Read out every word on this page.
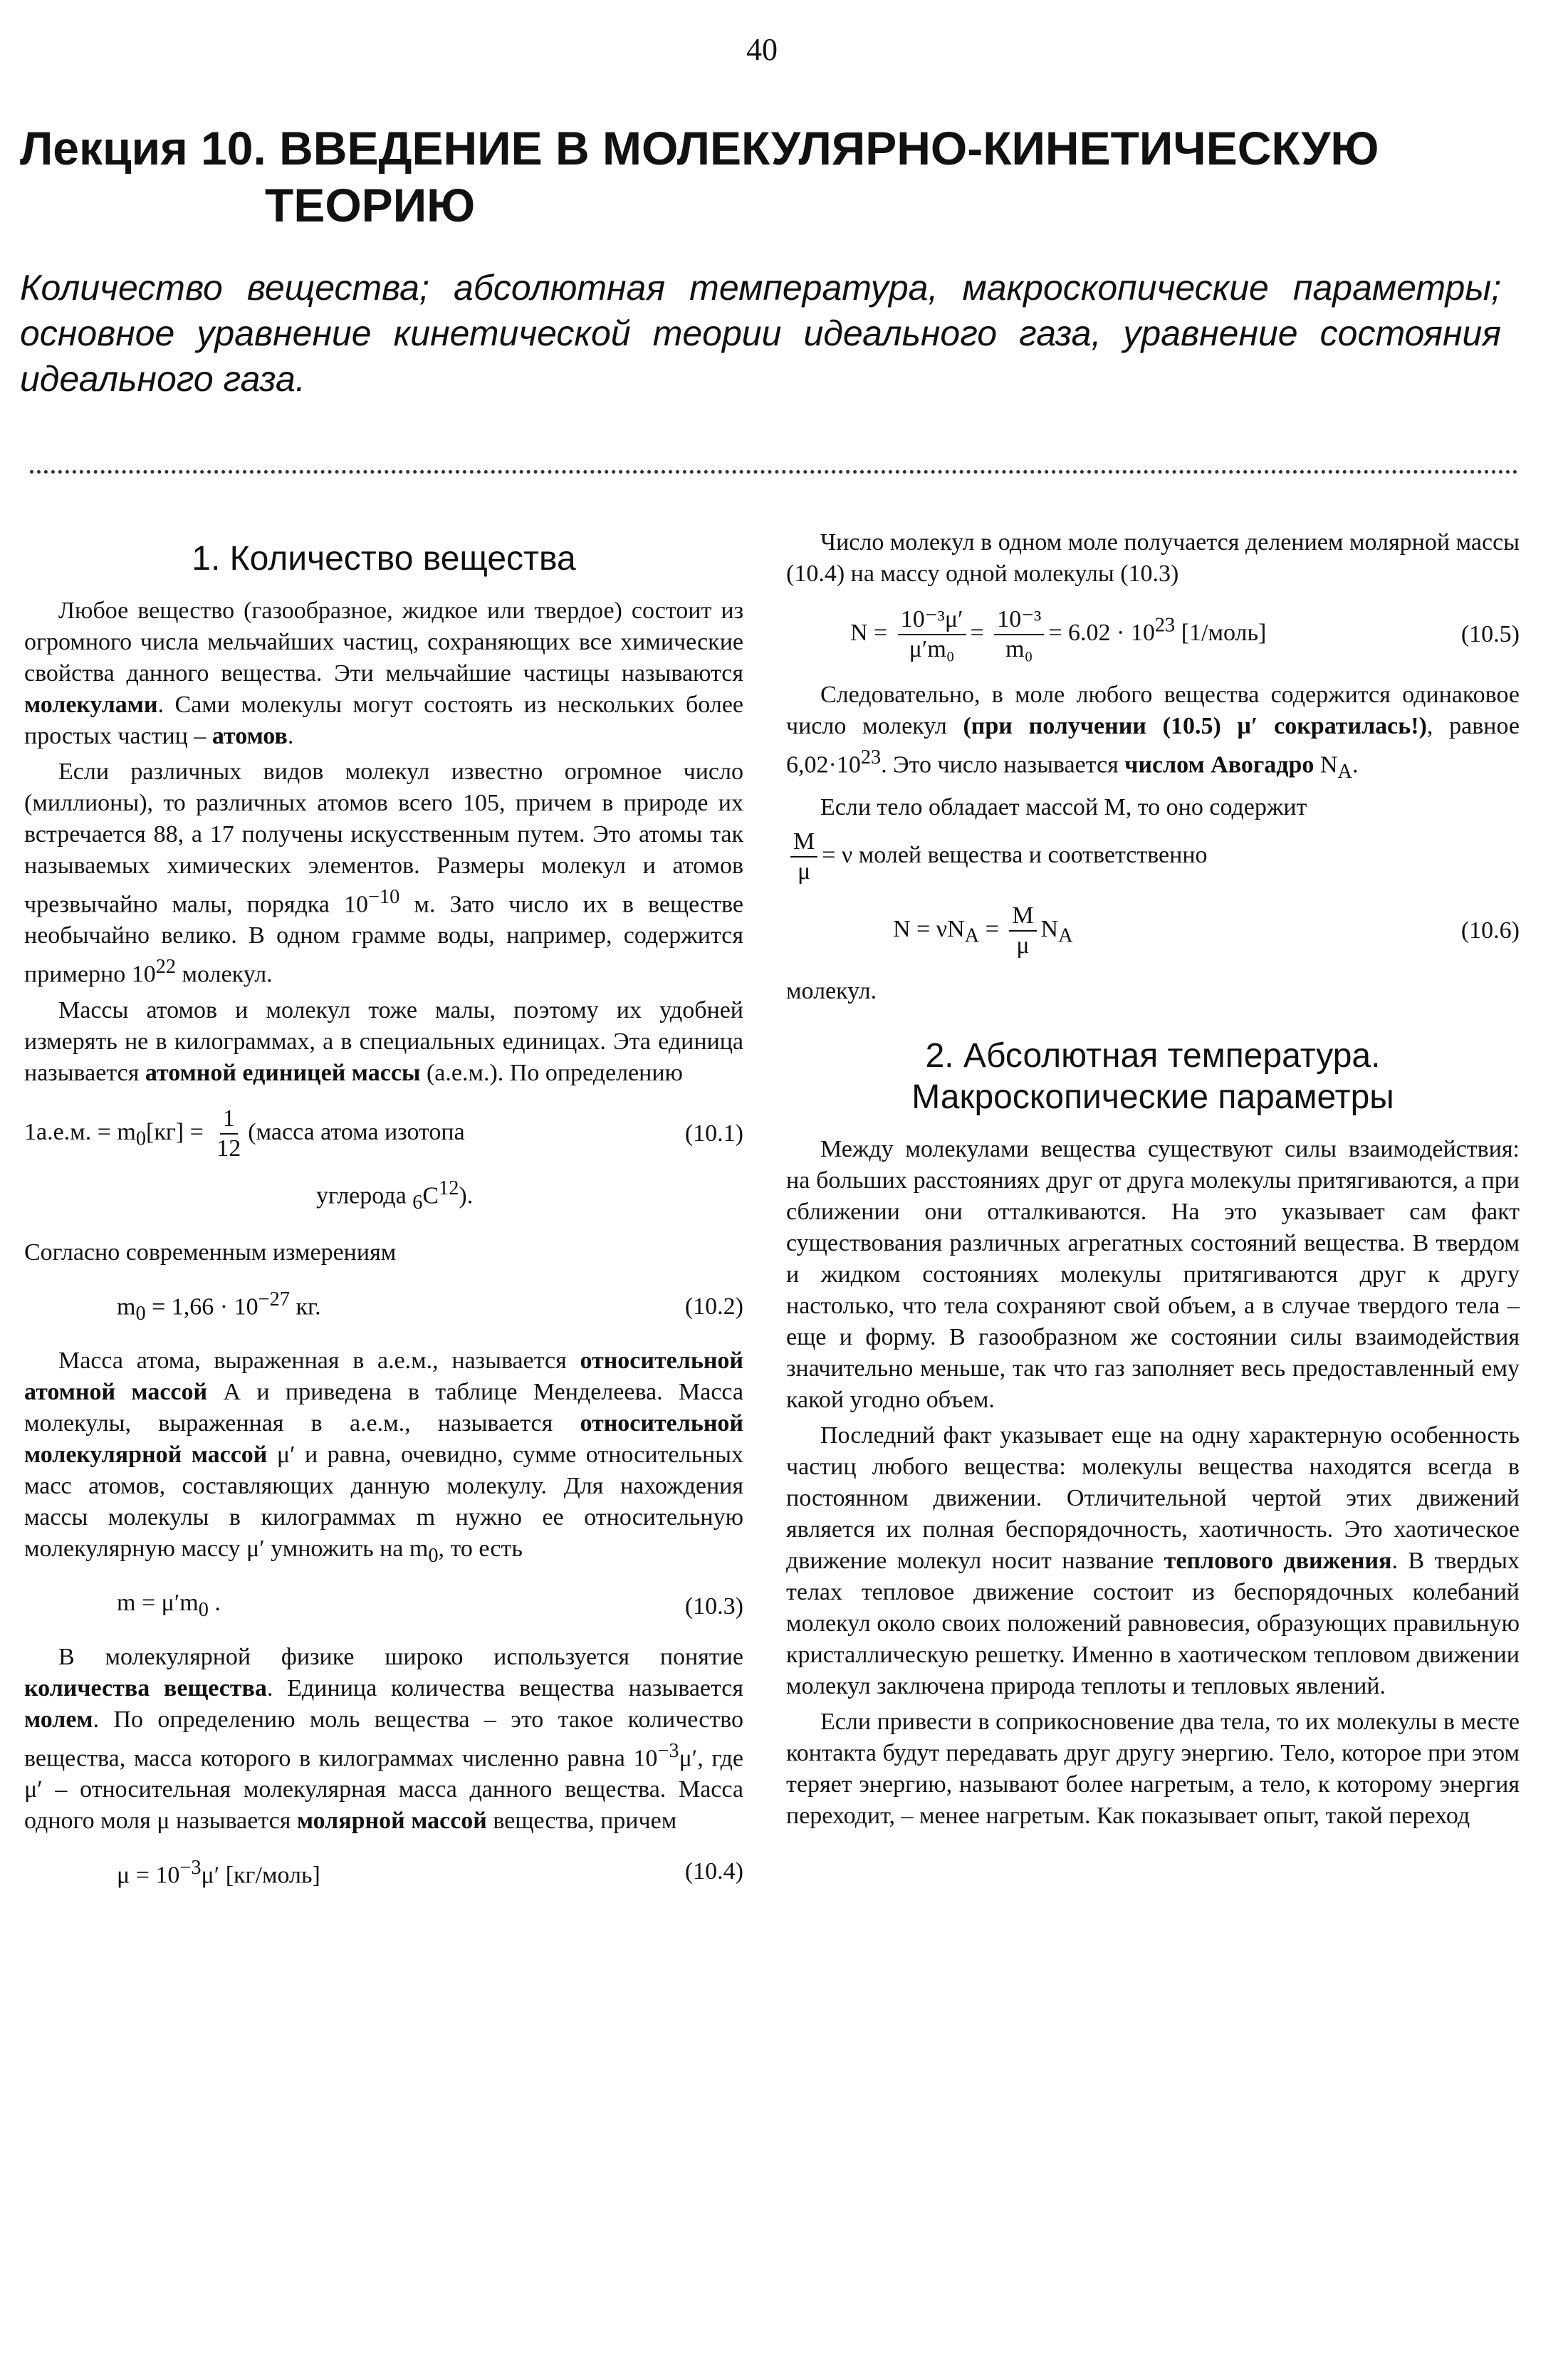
40
Лекция 10. ВВЕДЕНИЕ В МОЛЕКУЛЯРНО-КИНЕТИЧЕСКУЮ
ТЕОРИЮ

Количество вещества; абсолютная температура, макроскопические параметры; основное уравнение кинетической теории идеального газа, уравнение состояния идеального газа.

1. Количество вещества

Любое вещество (газообразное, жидкое или твердое) состоит из огромного числа мельчайших частиц, сохраняющих все химические свойства данного вещества. Эти мельчайшие частицы называются молекулами. Сами молекулы могут состоять из нескольких более простых частиц – атомов.

Если различных видов молекул известно огромное число (миллионы), то различных атомов всего 105, причем в природе их встречается 88, а 17 получены искусственным путем. Это атомы так называемых химических элементов. Размеры молекул и атомов чрезвычайно малы, порядка $10^{-10}$ м. Зато число их в веществе необычайно велико. В одном грамме воды, например, содержится примерно $10^{22}$ молекул.

Массы атомов и молекул тоже малы, поэтому их удобней измерять не в килограммах, а в специальных единицах. Эта единица называется атомной единицей массы (а.е.м.). По определению

1а.е.м. = $m_0[кг] = \frac{1}{12}$ (масса атома изотопа	(10.1)
углерода $_6C^{12}$).

Согласно современным измерениям

$m_0 = 1,66 \cdot 10^{-27}$ кг.	(10.2)

Масса атома, выраженная в а.е.м., называется относительной атомной массой А и приведена в таблице Менделеева. Масса молекулы, выраженная в а.е.м., называется относительной молекулярной массой μ′ и равна, очевидно, сумме относительных масс атомов, составляющих данную молекулу. Для нахождения массы молекулы в килограммах m нужно ее относительную молекулярную массу μ′ умножить на $m_0$, то есть

$m = \mu'm_0$ .	(10.3)

В молекулярной физике широко используется понятие количества вещества. Единица количества вещества называется молем. По определению моль вещества – это такое количество вещества, масса которого в килограммах численно равна $10^{-3}\mu'$, где μ′ – относительная молекулярная масса данного вещества. Масса одного моля μ называется молярной массой вещества, причем

$\mu = 10^{-3}\mu'$ [кг/моль]	(10.4)

Число молекул в одном моле получается делением молярной массы (10.4) на массу одной молекулы (10.3)

$N = \frac{\text{10⁻³μ′}}{\text{μ′m₀}} = \frac{\text{10⁻³}}{\text{m₀}} = 6.02 \cdot 10^{23}$ [1/моль]	(10.5)

Следовательно, в моле любого вещества содержится одинаковое число молекул (при получении (10.5) μ′ сократилась!), равное $6,02\cdot 10^{23}$. Это число называется числом Авогадро $N_A$.

Если тело обладает массой M, то оно содержит

$\frac{M}{\mu} = \nu$ молей вещества и соответственно
$N = \nu N_A = \frac{M}{\mu} N_A$	(10.6)

молекул.

2. Абсолютная температура.
Макроскопические параметры

Между молекулами вещества существуют силы взаимодействия: на больших расстояниях друг от друга молекулы притягиваются, а при сближении они отталкиваются. На это указывает сам факт существования различных агрегатных состояний вещества. В твердом и жидком состояниях молекулы притягиваются друг к другу настолько, что тела сохраняют свой объем, а в случае твердого тела – еще и форму. В газообразном же состоянии силы взаимодействия значительно меньше, так что газ заполняет весь предоставленный ему какой угодно объем.

Последний факт указывает еще на одну характерную особенность частиц любого вещества: молекулы вещества находятся всегда в постоянном движении. Отличительной чертой этих движений является их полная беспорядочность, хаотичность. Это хаотическое движение молекул носит название теплового движения. В твердых телах тепловое движение состоит из беспорядочных колебаний молекул около своих положений равновесия, образующих правильную кристаллическую решетку. Именно в хаотическом тепловом движении молекул заключена природа теплоты и тепловых явлений.

Если привести в соприкосновение два тела, то их молекулы в месте контакта будут передавать друг другу энергию. Тело, которое при этом теряет энергию, называют более нагретым, а тело, к которому энергия переходит, – менее нагретым. Как показывает опыт, такой переход
